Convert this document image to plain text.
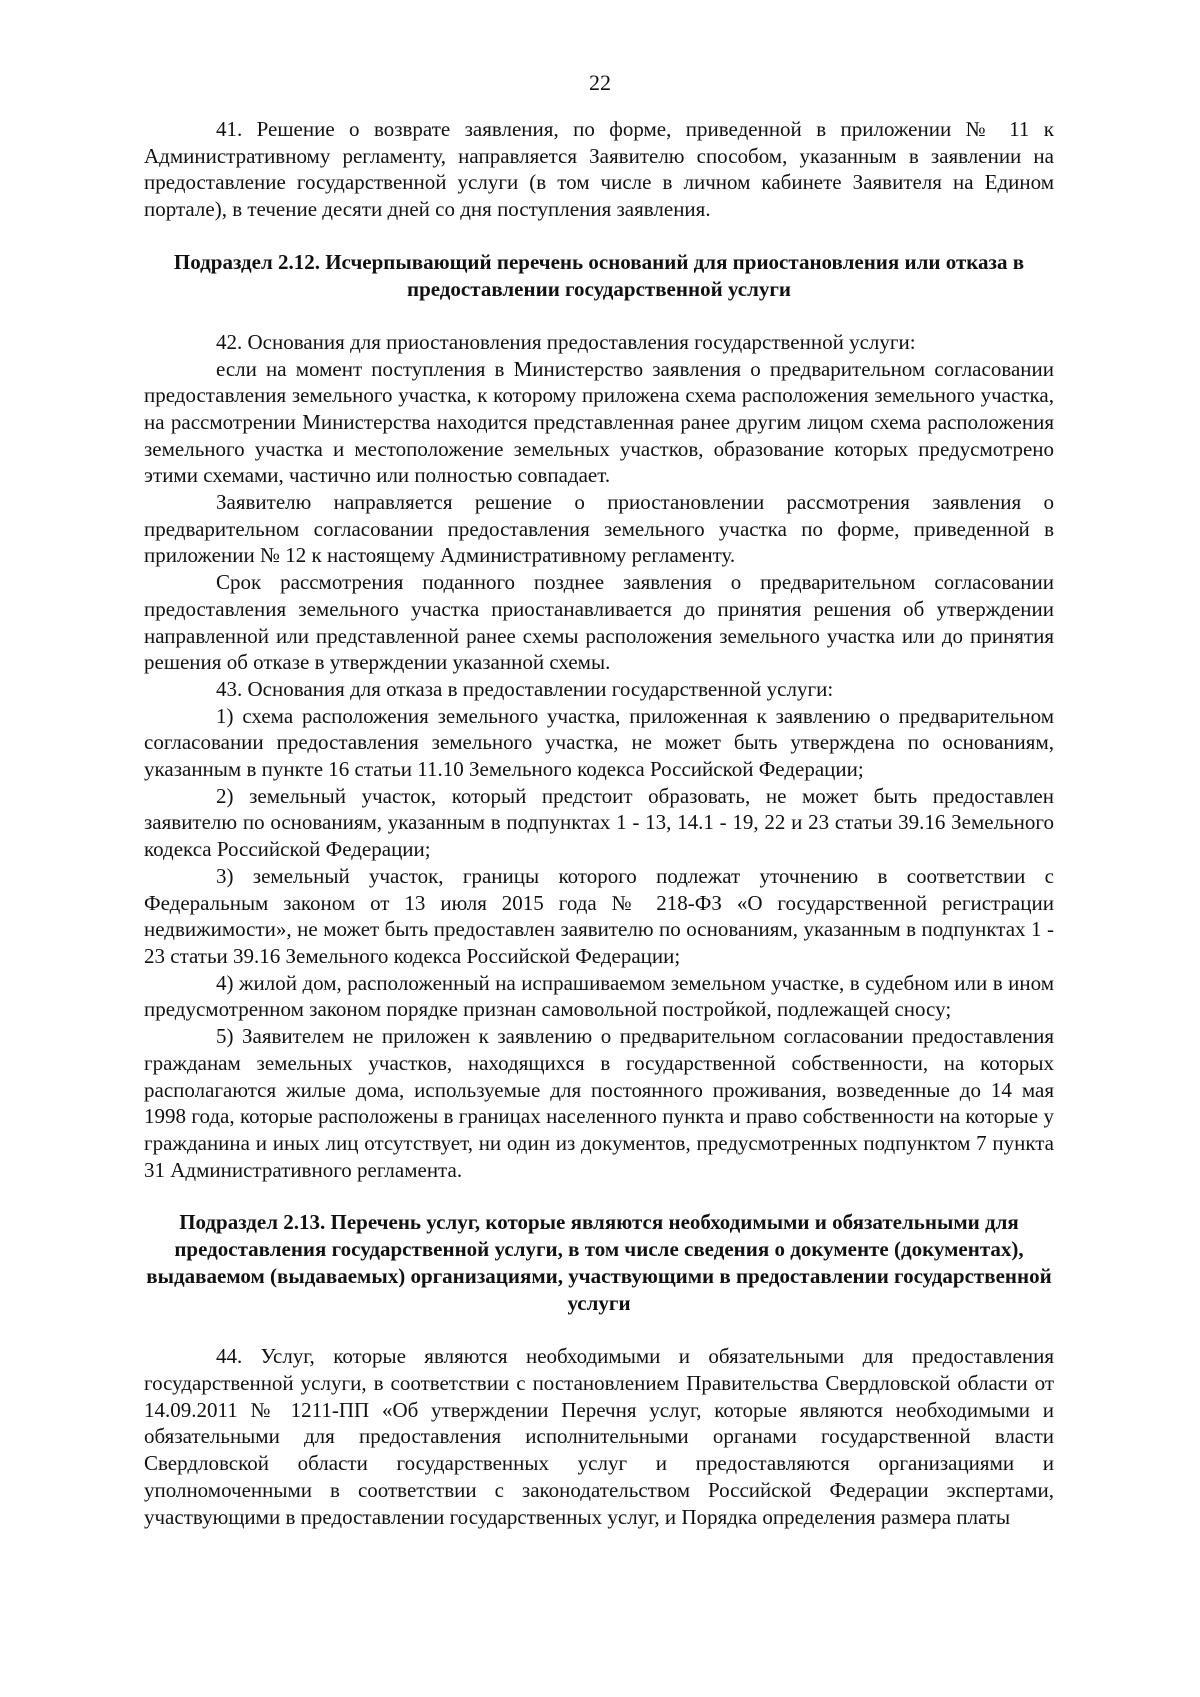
22

41. Решение о возврате заявления, по форме, приведенной в приложении № 11 к Административному регламенту, направляется Заявителю способом, указанным в заявлении на предоставление государственной услуги (в том числе в личном кабинете Заявителя на Едином портале), в течение десяти дней со дня поступления заявления.

Подраздел 2.12. Исчерпывающий перечень оснований для приостановления или отказа в предоставлении государственной услуги

42. Основания для приостановления предоставления государственной услуги:

если на момент поступления в Министерство заявления о предварительном согласовании предоставления земельного участка, к которому приложена схема расположения земельного участка, на рассмотрении Министерства находится представленная ранее другим лицом схема расположения земельного участка и местоположение земельных участков, образование которых предусмотрено этими схемами, частично или полностью совпадает.

Заявителю направляется решение о приостановлении рассмотрения заявления о предварительном согласовании предоставления земельного участка по форме, приведенной в приложении № 12 к настоящему Административному регламенту.

Срок рассмотрения поданного позднее заявления о предварительном согласовании предоставления земельного участка приостанавливается до принятия решения об утверждении направленной или представленной ранее схемы расположения земельного участка или до принятия решения об отказе в утверждении указанной схемы.

43. Основания для отказа в предоставлении государственной услуги:

1) схема расположения земельного участка, приложенная к заявлению о предварительном согласовании предоставления земельного участка, не может быть утверждена по основаниям, указанным в пункте 16 статьи 11.10 Земельного кодекса Российской Федерации;

2) земельный участок, который предстоит образовать, не может быть предоставлен заявителю по основаниям, указанным в подпунктах 1 - 13, 14.1 - 19, 22 и 23 статьи 39.16 Земельного кодекса Российской Федерации;

3) земельный участок, границы которого подлежат уточнению в соответствии с Федеральным законом от 13 июля 2015 года № 218-ФЗ «О государственной регистрации недвижимости», не может быть предоставлен заявителю по основаниям, указанным в подпунктах 1 - 23 статьи 39.16 Земельного кодекса Российской Федерации;

4) жилой дом, расположенный на испрашиваемом земельном участке, в судебном или в ином предусмотренном законом порядке признан самовольной постройкой, подлежащей сносу;

5) Заявителем не приложен к заявлению о предварительном согласовании предоставления гражданам земельных участков, находящихся в государственной собственности, на которых располагаются жилые дома, используемые для постоянного проживания, возведенные до 14 мая 1998 года, которые расположены в границах населенного пункта и право собственности на которые у гражданина и иных лиц отсутствует, ни один из документов, предусмотренных подпунктом 7 пункта 31 Административного регламента.

Подраздел 2.13. Перечень услуг, которые являются необходимыми и обязательными для предоставления государственной услуги, в том числе сведения о документе (документах), выдаваемом (выдаваемых) организациями, участвующими в предоставлении государственной услуги

44. Услуг, которые являются необходимыми и обязательными для предоставления государственной услуги, в соответствии с постановлением Правительства Свердловской области от 14.09.2011 № 1211-ПП «Об утверждении Перечня услуг, которые являются необходимыми и обязательными для предоставления исполнительными органами государственной власти Свердловской области государственных услуг и предоставляются организациями и уполномоченными в соответствии с законодательством Российской Федерации экспертами, участвующими в предоставлении государственных услуг, и Порядка определения размера платы
